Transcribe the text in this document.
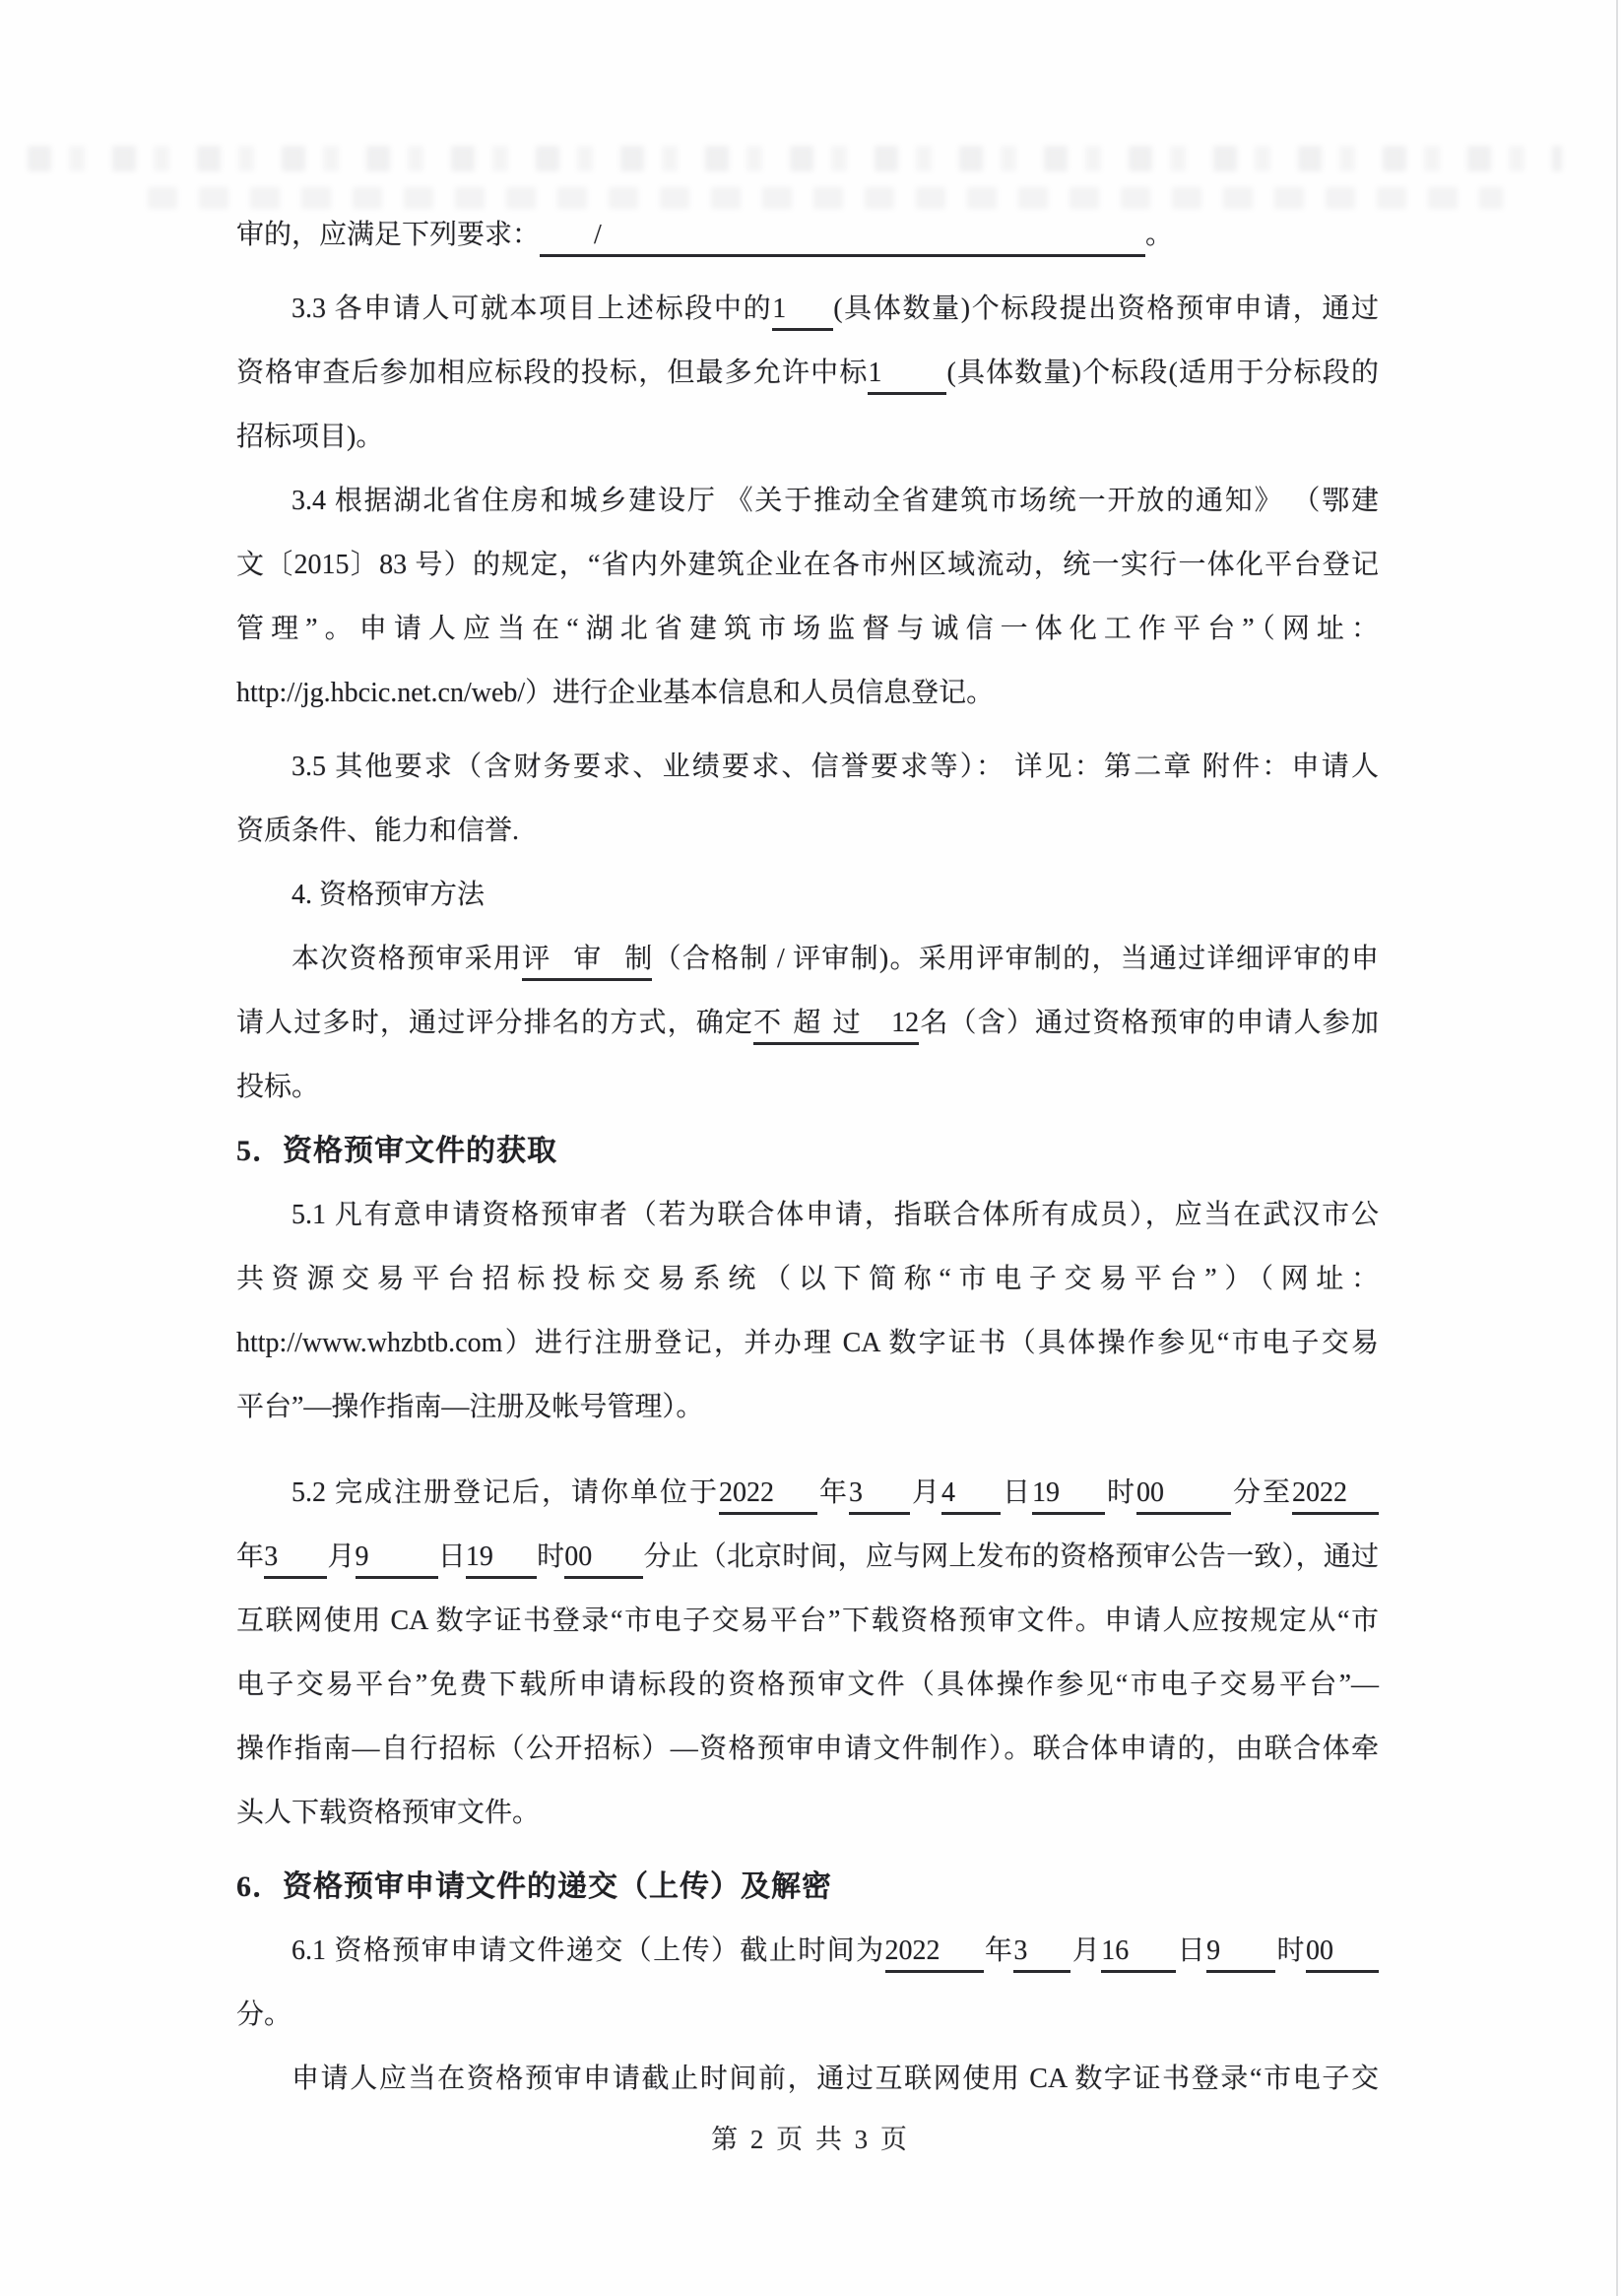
审的，应满足下列要求： /	。
3.3 各申请人可就本项目上述标段中的1 (具体数量)个标段提出资格预审申请，通过
资格审查后参加相应标段的投标，但最多允许中标1 (具体数量)个标段(适用于分标段的
招标项目)。
3.4 根据湖北省住房和城乡建设厅 《关于推动全省建筑市场统一开放的通知》 （鄂建
文〔2015〕83 号）的规定，“省内外建筑企业在各市州区域流动，统一实行一体化平台登记
管理”。申请人应当在“湖北省建筑市场监督与诚信一体化工作平台”（网址：
http://jg.hbcic.net.cn/web/）进行企业基本信息和人员信息登记。
3.5 其他要求（含财务要求、业绩要求、信誉要求等）： 详见：第二章 附件：申请人
资质条件、能力和信誉.
4. 资格预审方法
本次资格预审采用评审制（合格制 / 评审制)。采用评审制的，当通过详细评审的申
请人过多时，通过评分排名的方式，确定不超过 12名（含）通过资格预审的申请人参加
投标。
5．资格预审文件的获取
5.1 凡有意申请资格预审者（若为联合体申请，指联合体所有成员），应当在武汉市公
共资源交易平台招标投标交易系统（以下简称“市电子交易平台”）（网址：
http://www.whzbtb.com）进行注册登记，并办理 CA 数字证书（具体操作参见“市电子交易
平台”—操作指南—注册及帐号管理）。
5.2 完成注册登记后，请你单位于2022 年3 月4 日19 时00 分至2022
年3 月9	日19 时00 分止（北京时间，应与网上发布的资格预审公告一致），通过
互联网使用 CA 数字证书登录“市电子交易平台”下载资格预审文件。申请人应按规定从“市
电子交易平台”免费下载所申请标段的资格预审文件（具体操作参见“市电子交易平台”—
操作指南—自行招标（公开招标）—资格预审申请文件制作）。联合体申请的，由联合体牵
头人下载资格预审文件。
6．资格预审申请文件的递交（上传）及解密
6.1 资格预审申请文件递交（上传）截止时间为2022 年3 月16 日9 时00
分。
申请人应当在资格预审申请截止时间前，通过互联网使用 CA 数字证书登录“市电子交
第 2 页 共 3 页
